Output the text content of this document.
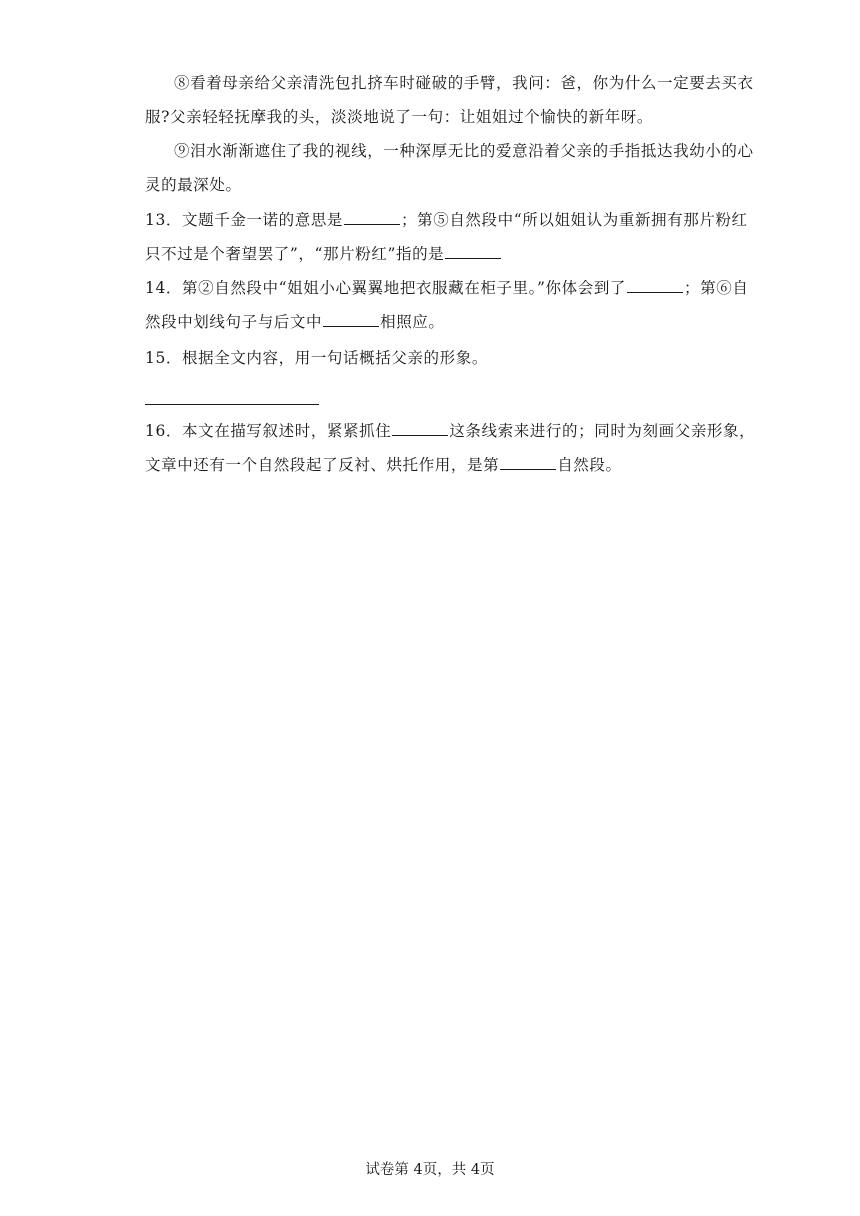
⑧看着母亲给父亲清洗包扎挤车时碰破的手臂，我问：爸，你为什么一定要去买衣
服?父亲轻轻抚摩我的头，淡淡地说了一句：让姐姐过个愉快的新年呀。
⑨泪水渐渐遮住了我的视线，一种深厚无比的爱意沿着父亲的手指抵达我幼小的心
灵的最深处。
13．文题千金一诺的意思是	；第⑤自然段中“所以姐姐认为重新拥有那片粉红
只不过是个奢望罢了”，“那片粉红”指的是
14．第②自然段中“姐姐小心翼翼地把衣服藏在柜子里。”你体会到了	；第⑥自
然段中划线句子与后文中	相照应。
15．根据全文内容，用一句话概括父亲的形象。
16．本文在描写叙述时，紧紧抓住	这条线索来进行的；同时为刻画父亲形象，
文章中还有一个自然段起了反衬、烘托作用，是第	自然段。
试卷第 4页，共 4页
